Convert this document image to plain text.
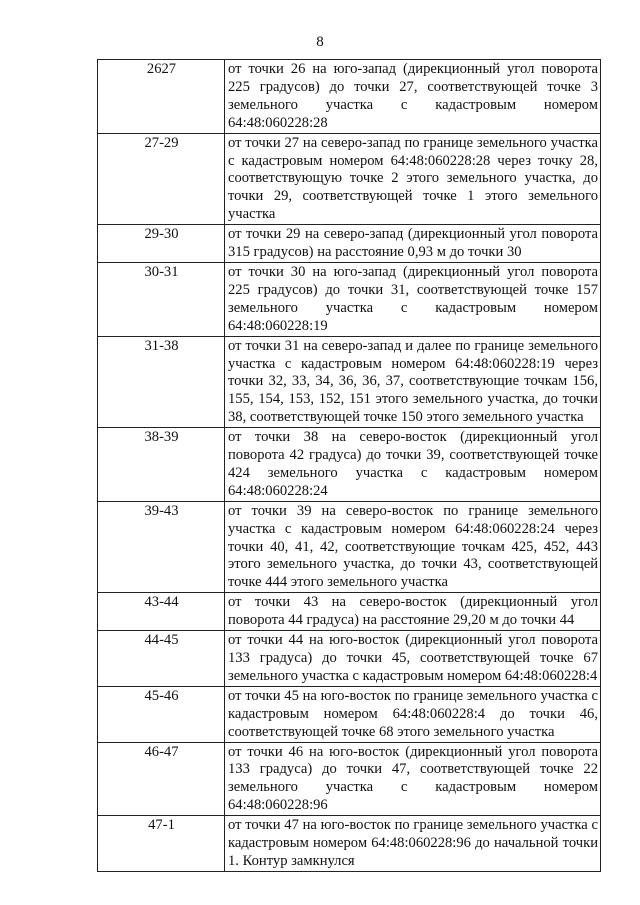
8
2627	от точки 26 на юго-запад (дирекционный угол поворота 225 градусов) до точки 27, соответствующей точке 3 земельного участка с кадастровым номером 64:48:060228:28
27-29	от точки 27 на северо-запад по границе земельного участка с кадастровым номером 64:48:060228:28 через точку 28, соответствующую точке 2 этого земельного участка, до точки 29, соответствующей точке 1 этого земельного участка
29-30	от точки 29 на северо-запад (дирекционный угол поворота 315 градусов) на расстояние 0,93 м до точки 30
30-31	от точки 30 на юго-запад (дирекционный угол поворота 225 градусов) до точки 31, соответствующей точке 157 земельного участка с кадастровым номером 64:48:060228:19
31-38	от точки 31 на северо-запад и далее по границе земельного участка с кадастровым номером 64:48:060228:19 через точки 32, 33, 34, 36, 36, 37, соответствующие точкам 156, 155, 154, 153, 152, 151 этого земельного участка, до точки 38, соответствующей точке 150 этого земельного участка
38-39	от точки 38 на северо-восток (дирекционный угол поворота 42 градуса) до точки 39, соответствующей точке 424 земельного участка с кадастровым номером 64:48:060228:24
39-43	от точки 39 на северо-восток по границе земельного участка с кадастровым номером 64:48:060228:24 через точки 40, 41, 42, соответствующие точкам 425, 452, 443 этого земельного участка, до точки 43, соответствующей точке 444 этого земельного участка
43-44	от точки 43 на северо-восток (дирекционный угол поворота 44 градуса) на расстояние 29,20 м до точки 44
44-45	от точки 44 на юго-восток (дирекционный угол поворота 133 градуса) до точки 45, соответствующей точке 67 земельного участка с кадастровым номером 64:48:060228:4
45-46	от точки 45 на юго-восток по границе земельного участка с кадастровым номером 64:48:060228:4 до точки 46, соответствующей точке 68 этого земельного участка
46-47	от точки 46 на юго-восток (дирекционный угол поворота 133 градуса) до точки 47, соответствующей точке 22 земельного участка с кадастровым номером 64:48:060228:96
47-1	от точки 47 на юго-восток по границе земельного участка с кадастровым номером 64:48:060228:96 до начальной точки 1. Контур замкнулся
